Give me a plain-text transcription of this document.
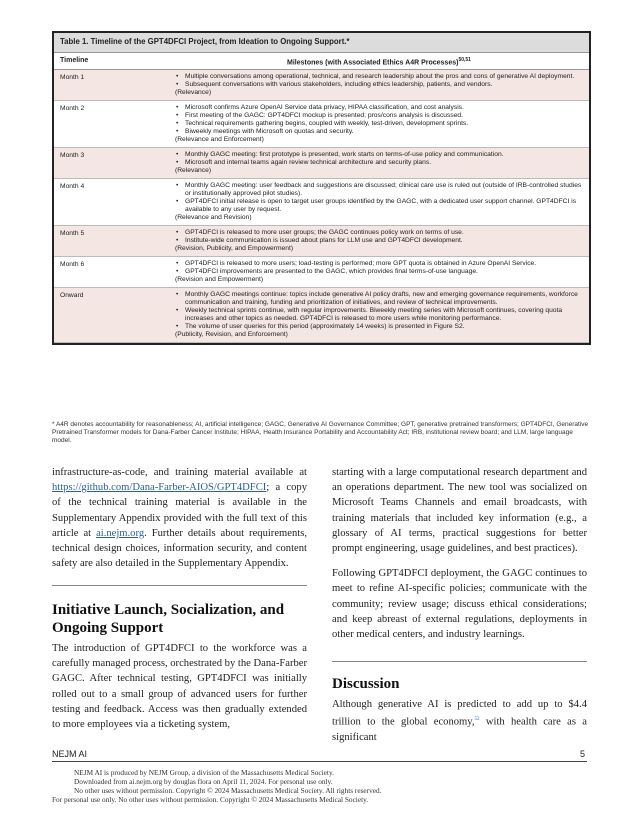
Table 1. Timeline of the GPT4DFCI Project, from Ideation to Ongoing Support.*
Timeline	Milestones (with Associated Ethics A4R Processes)$^{50,51}$
Month 1	• Multiple conversations among operational, technical, and research leadership about the pros and cons of generative AI deployment.
• Subsequent conversations with various stakeholders, including ethics leadership, patients, and vendors.

(Relevance)

Month 2	• Microsoft confirms Azure OpenAI Service data privacy, HIPAA classification, and cost analysis.
• First meeting of the GAGC: GPT4DFCI mockup is presented; pros/cons analysis is discussed.
• Technical requirements gathering begins, coupled with weekly, test-driven, development sprints.
• Biweekly meetings with Microsoft on quotas and security.

(Relevance and Enforcement)

Month 3	• Monthly GAGC meeting: first prototype is presented, work starts on terms-of-use policy and communication.
• Microsoft and internal teams again review technical architecture and security plans.

(Relevance)

Month 4	• Monthly GAGC meeting: user feedback and suggestions are discussed; clinical care use is ruled out (outside of IRB-controlled studies or institutionally approved pilot studies).
• GPT4DFCI initial release is open to target user groups identified by the GAGC, with a dedicated user support channel. GPT4DFCI is available to any user by request.

(Relevance and Revision)

Month 5	• GPT4DFCI is released to more user groups; the GAGC continues policy work on terms of use.
• Institute-wide communication is issued about plans for LLM use and GPT4DFCI development.

(Revision, Publicity, and Empowerment)

Month 6	• GPT4DFCI is released to more users; load-testing is performed; more GPT quota is obtained in Azure OpenAI Service.
• GPT4DFCI improvements are presented to the GAGC, which provides final terms-of-use language.

(Revision and Empowerment)

Onward	• Monthly GAGC meetings continue: topics include generative AI policy drafts, new and emerging governance requirements, workforce communication and training, funding and prioritization of initiatives, and review of technical improvements.
• Weekly technical sprints continue, with regular improvements. Biweekly meeting series with Microsoft continues, covering quota increases and other topics as needed. GPT4DFCI is released to more users while monitoring performance.
• The volume of user queries for this period (approximately 14 weeks) is presented in Figure S2.

(Publicity, Revision, and Enforcement)

* A4R denotes accountability for reasonableness; AI, artificial intelligence; GAGC, Generative AI Governance Committee; GPT, generative pretrained transformers; GPT4DFCI, Generative Pretrained Transformer models for Dana-Farber Cancer Institute; HIPAA, Health Insurance Portability and Accountability Act; IRB, institutional review board; and LLM, large language model.

infrastructure-as-code, and training material available at https://github.com/Dana-Farber-AIOS/GPT4DFCI; a copy of the technical training material is available in the Supplementary Appendix provided with the full text of this article at ai.nejm.org. Further details about requirements, technical design choices, information security, and content safety are also detailed in the Supplementary Appendix.

Initiative Launch, Socialization, and Ongoing Support
The introduction of GPT4DFCI to the workforce was a carefully managed process, orchestrated by the Dana-Farber GAGC. After technical testing, GPT4DFCI was initially rolled out to a small group of advanced users for further testing and feedback. Access was then gradually extended to more employees via a ticketing system,

starting with a large computational research department and an operations department. The new tool was socialized on Microsoft Teams Channels and email broadcasts, with training materials that included key information (e.g., a glossary of AI terms, practical suggestions for better prompt engineering, usage guidelines, and best practices).

Following GPT4DFCI deployment, the GAGC continues to meet to refine AI-specific policies; communicate with the community; review usage; discuss ethical considerations; and keep abreast of external regulations, deployments in other medical centers, and industry learnings.

Discussion
Although generative AI is predicted to add up to $4.4 trillion to the global economy,$^{52}$ with health care as a significant
NEJM AI	5
NEJM AI is produced by NEJM Group, a division of the Massachusetts Medical Society.
Downloaded from ai.nejm.org by douglas flora on April 11, 2024. For personal use only.
No other uses without permission. Copyright © 2024 Massachusetts Medical Society. All rights reserved.
For personal use only. No other uses without permission. Copyright © 2024 Massachusetts Medical Society.
